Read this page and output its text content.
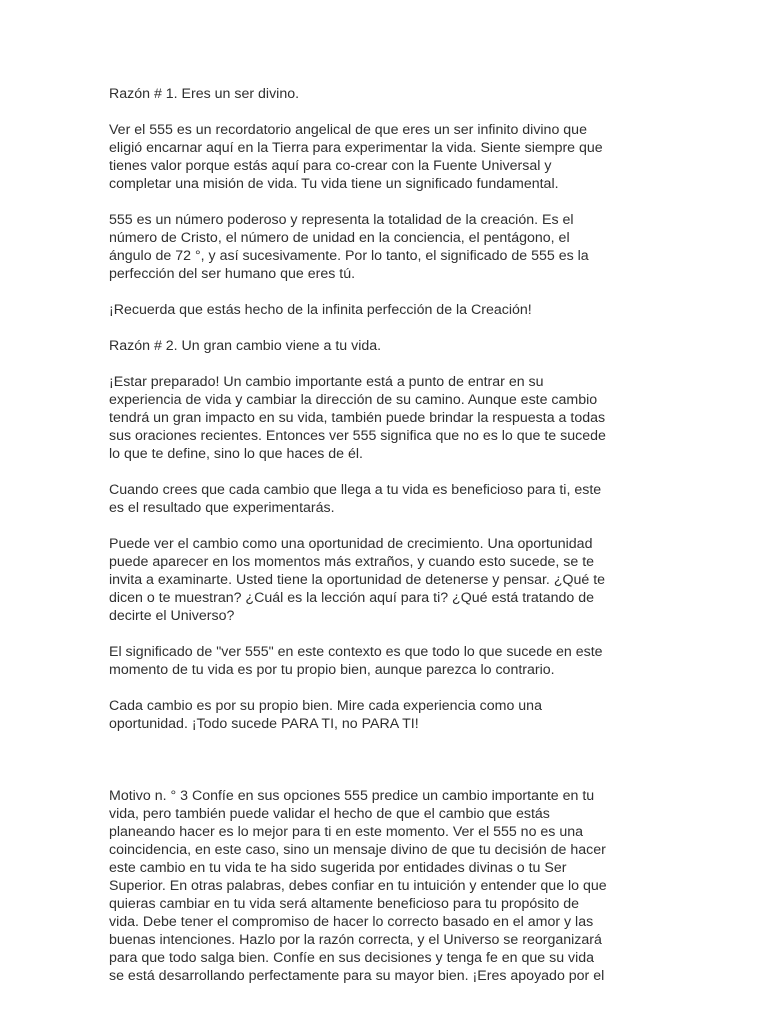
Razón # 1. Eres un ser divino.

Ver el 555 es un recordatorio angelical de que eres un ser infinito divino que
eligió encarnar aquí en la Tierra para experimentar la vida. Siente siempre que
tienes valor porque estás aquí para co-crear con la Fuente Universal y
completar una misión de vida. Tu vida tiene un significado fundamental.

555 es un número poderoso y representa la totalidad de la creación. Es el
número de Cristo, el número de unidad en la conciencia, el pentágono, el
ángulo de 72 °, y así sucesivamente. Por lo tanto, el significado de 555 es la
perfección del ser humano que eres tú.

¡Recuerda que estás hecho de la infinita perfección de la Creación!

Razón # 2. Un gran cambio viene a tu vida.

¡Estar preparado! Un cambio importante está a punto de entrar en su
experiencia de vida y cambiar la dirección de su camino. Aunque este cambio
tendrá un gran impacto en su vida, también puede brindar la respuesta a todas
sus oraciones recientes. Entonces ver 555 significa que no es lo que te sucede
lo que te define, sino lo que haces de él.

Cuando crees que cada cambio que llega a tu vida es beneficioso para ti, este
es el resultado que experimentarás.

Puede ver el cambio como una oportunidad de crecimiento. Una oportunidad
puede aparecer en los momentos más extraños, y cuando esto sucede, se te
invita a examinarte. Usted tiene la oportunidad de detenerse y pensar. ¿Qué te
dicen o te muestran? ¿Cuál es la lección aquí para ti? ¿Qué está tratando de
decirte el Universo?

El significado de "ver 555" en este contexto es que todo lo que sucede en este
momento de tu vida es por tu propio bien, aunque parezca lo contrario.

Cada cambio es por su propio bien. Mire cada experiencia como una
oportunidad. ¡Todo sucede PARA TI, no PARA TI!

Motivo n. ° 3 Confíe en sus opciones 555 predice un cambio importante en tu
vida, pero también puede validar el hecho de que el cambio que estás
planeando hacer es lo mejor para ti en este momento. Ver el 555 no es una
coincidencia, en este caso, sino un mensaje divino de que tu decisión de hacer
este cambio en tu vida te ha sido sugerida por entidades divinas o tu Ser
Superior. En otras palabras, debes confiar en tu intuición y entender que lo que
quieras cambiar en tu vida será altamente beneficioso para tu propósito de
vida. Debe tener el compromiso de hacer lo correcto basado en el amor y las
buenas intenciones. Hazlo por la razón correcta, y el Universo se reorganizará
para que todo salga bien. Confíe en sus decisiones y tenga fe en que su vida
se está desarrollando perfectamente para su mayor bien. ¡Eres apoyado por el
